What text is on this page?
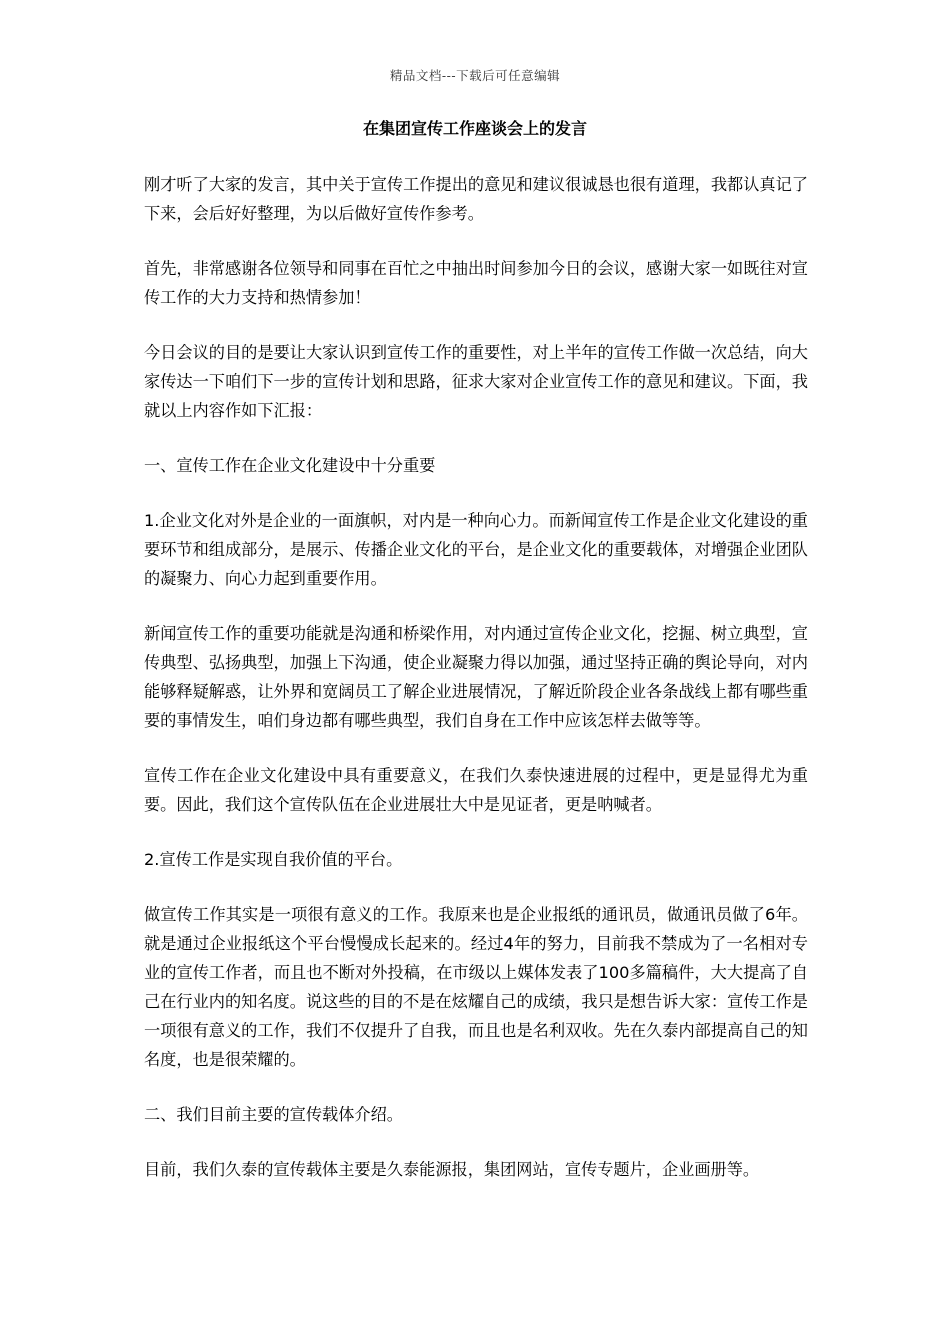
精品文档---下载后可任意编辑
在集团宣传工作座谈会上的发言

刚才听了大家的发言，其中关于宣传工作提出的意见和建议很诚恳也很有道理，我都认真记了下来，会后好好整理，为以后做好宣传作参考。

首先，非常感谢各位领导和同事在百忙之中抽出时间参加今日的会议，感谢大家一如既往对宣传工作的大力支持和热情参加！

今日会议的目的是要让大家认识到宣传工作的重要性，对上半年的宣传工作做一次总结，向大家传达一下咱们下一步的宣传计划和思路，征求大家对企业宣传工作的意见和建议。下面，我就以上内容作如下汇报：

一、宣传工作在企业文化建设中十分重要

1.企业文化对外是企业的一面旗帜，对内是一种向心力。而新闻宣传工作是企业文化建设的重要环节和组成部分，是展示、传播企业文化的平台，是企业文化的重要载体，对增强企业团队的凝聚力、向心力起到重要作用。

新闻宣传工作的重要功能就是沟通和桥梁作用，对内通过宣传企业文化，挖掘、树立典型，宣传典型、弘扬典型，加强上下沟通，使企业凝聚力得以加强，通过坚持正确的舆论导向，对内能够释疑解惑，让外界和宽阔员工了解企业进展情况，了解近阶段企业各条战线上都有哪些重要的事情发生，咱们身边都有哪些典型，我们自身在工作中应该怎样去做等等。

宣传工作在企业文化建设中具有重要意义，在我们久泰快速进展的过程中，更是显得尤为重要。因此，我们这个宣传队伍在企业进展壮大中是见证者，更是呐喊者。

2.宣传工作是实现自我价值的平台。

做宣传工作其实是一项很有意义的工作。我原来也是企业报纸的通讯员，做通讯员做了6年。就是通过企业报纸这个平台慢慢成长起来的。经过4年的努力，目前我不禁成为了一名相对专业的宣传工作者，而且也不断对外投稿，在市级以上媒体发表了100多篇稿件，大大提高了自己在行业内的知名度。说这些的目的不是在炫耀自己的成绩，我只是想告诉大家：宣传工作是一项很有意义的工作，我们不仅提升了自我，而且也是名利双收。先在久泰内部提高自己的知名度，也是很荣耀的。

二、我们目前主要的宣传载体介绍。

目前，我们久泰的宣传载体主要是久泰能源报，集团网站，宣传专题片，企业画册等。
